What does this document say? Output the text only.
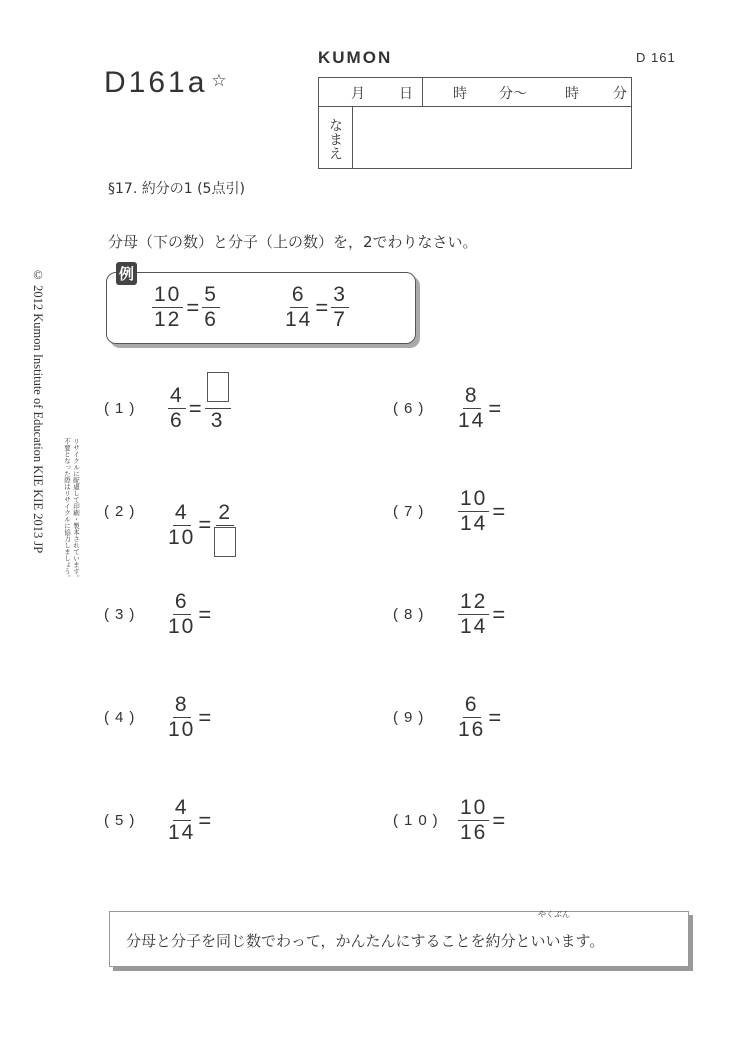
D161a ☆
KUMON	D 161
月 日	時 分〜	時 分
なまえ
§17. 約分の1 (5点引)
分母（下の数）と分子（上の数）を，2でわりなさい。
例
$\frac{10}{12} = \frac{5}{6}$	$\frac{6}{14} = \frac{3}{7}$
分母と分子を同じ数でわって，かんたんにすることを約分といいます。
やくぶん
© 2012 Kumon Institute of Education KIE KIE 2013 JP	リサイクルに配慮して印刷・製本されています。
不要となった際はリサイクルに協力しましょう。
$(1) \frac{4}{6} = 3$
$(2) \frac{4}{10} = 2$
$(3) \frac{6}{10}$ =
$(4) \frac{8}{10}$ =
$(5) \frac{4}{14}$ =
$(6) \frac{8}{14}$ =
$(7) \frac{10}{14}$ =
$(8) \frac{12}{14}$ =
$(9) \frac{6}{16}$ =
$(10) \frac{10}{16}$ =
